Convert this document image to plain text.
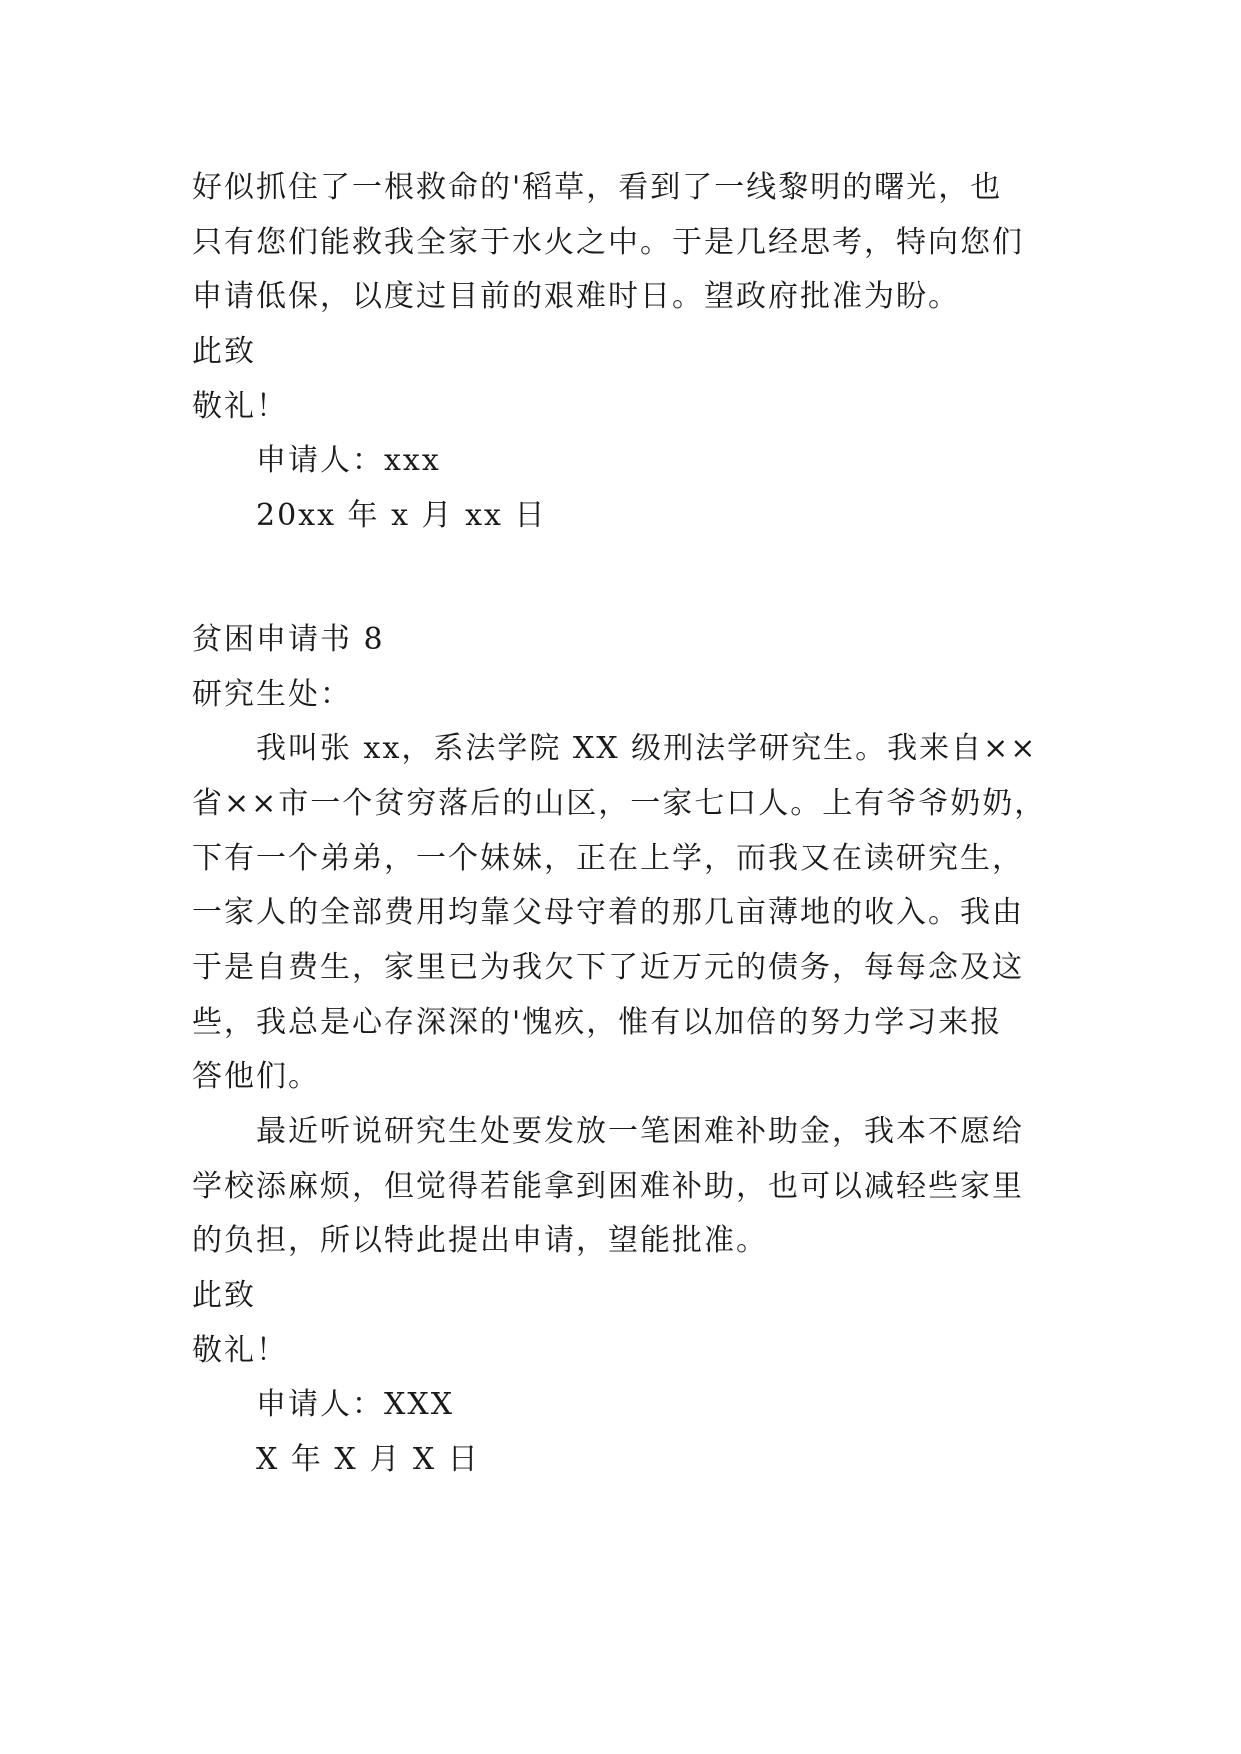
好似抓住了一根救命的'稻草，看到了一线黎明的曙光，也

只有您们能救我全家于水火之中。于是几经思考，特向您们

申请低保，以度过目前的艰难时日。望政府批准为盼。

此致

敬礼！

申请人：xxx

20xx 年 x 月 xx 日

贫困申请书 8

研究生处：

我叫张 xx，系法学院 XX 级刑法学研究生。我来自××

省××市一个贫穷落后的山区，一家七口人。上有爷爷奶奶，

下有一个弟弟，一个妹妹，正在上学，而我又在读研究生，

一家人的全部费用均靠父母守着的那几亩薄地的收入。我由

于是自费生，家里已为我欠下了近万元的债务，每每念及这

些，我总是心存深深的'愧疚，惟有以加倍的努力学习来报

答他们。

最近听说研究生处要发放一笔困难补助金，我本不愿给

学校添麻烦，但觉得若能拿到困难补助，也可以减轻些家里

的负担，所以特此提出申请，望能批准。

此致

敬礼！

申请人：XXX

X 年 X 月 X 日
